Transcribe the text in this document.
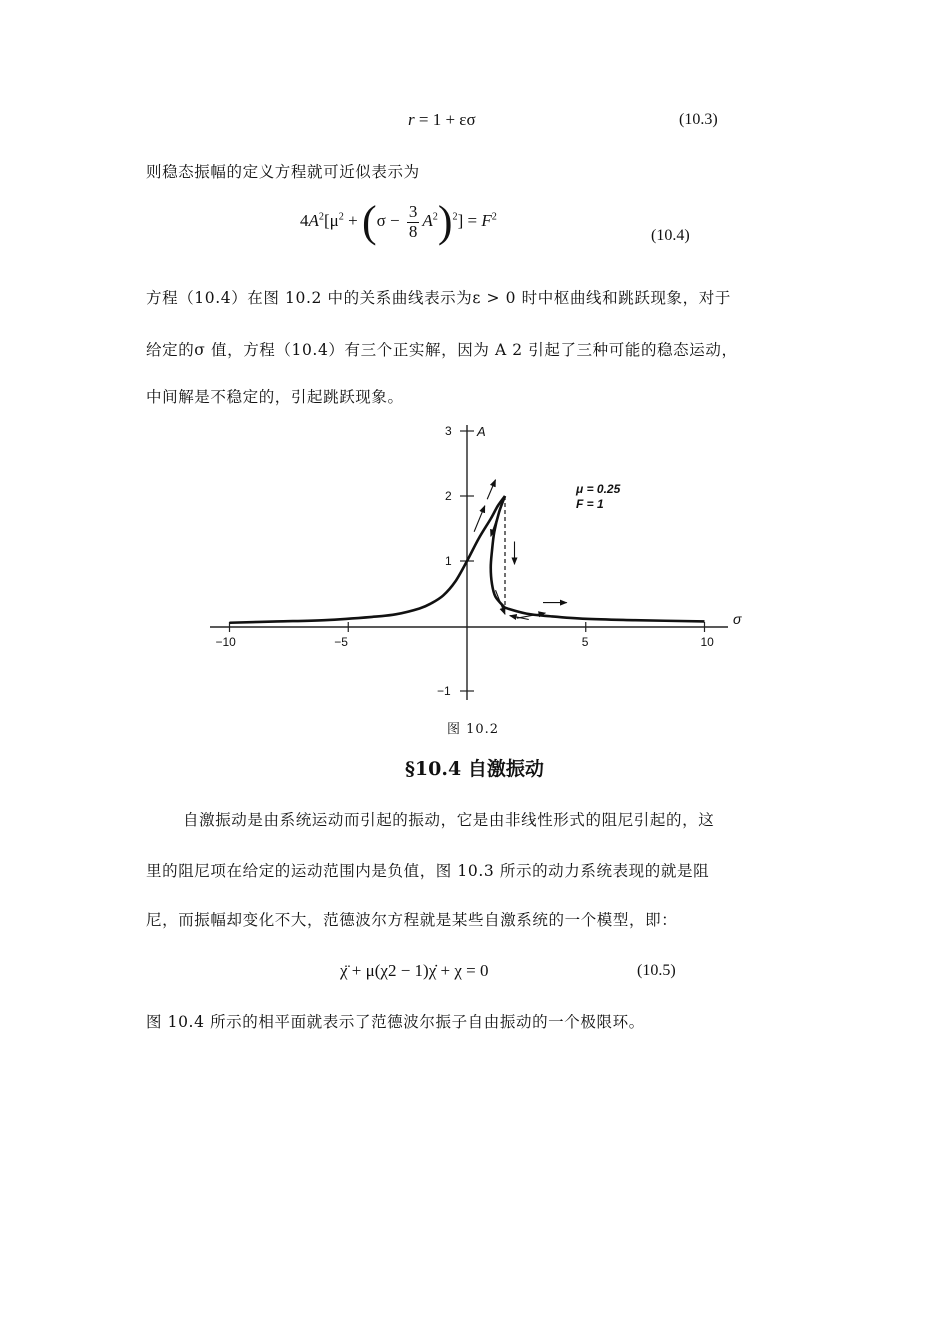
r = 1 + εσ	(10.3)
则稳态振幅的定义方程就可近似表示为
$4A^2[\mu^2 + (\sigma - \frac{3}{8} A^2)^2] = F^2$
(10.4)
方程（10.4）在图 10.2 中的关系曲线表示为ε > 0 时中枢曲线和跳跃现象，对于
给定的σ 值，方程（10.4）有三个正实解，因为 A 2 引起了三种可能的稳态运动，
中间解是不稳定的，引起跳跃现象。
−10	−5	5	10
3
2
1
−1
A
σ
μ = 0.25
F = 1
图 10.2
§10.4 自激振动
自激振动是由系统运动而引起的振动，它是由非线性形式的阻尼引起的，这
里的阻尼项在给定的运动范围内是负值，图 10.3 所示的动力系统表现的就是阻
尼，而振幅却变化不大，范德波尔方程就是某些自激系统的一个模型，即：
χ̈ + μ(χ2 − 1)χ̇ + χ = 0	(10.5)
图 10.4 所示的相平面就表示了范德波尔振子自由振动的一个极限环。
